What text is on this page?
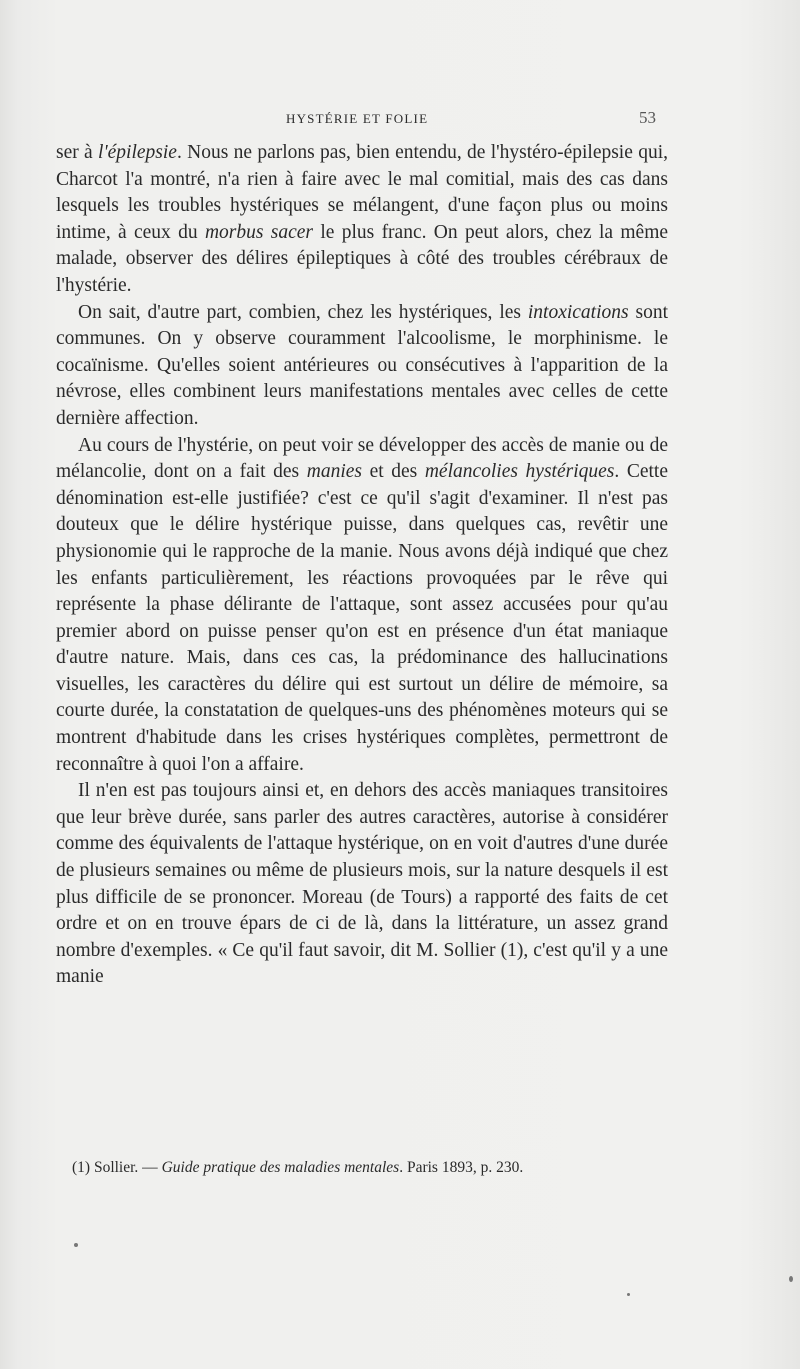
HYSTÉRIE ET FOLIE	53

ser à l'épilepsie. Nous ne parlons pas, bien entendu, de l'hystéro-épilepsie qui, Charcot l'a montré, n'a rien à faire avec le mal comitial, mais des cas dans lesquels les troubles hystériques se mélangent, d'une façon plus ou moins intime, à ceux du morbus sacer le plus franc. On peut alors, chez la même malade, observer des délires épileptiques à côté des troubles cérébraux de l'hystérie.

On sait, d'autre part, combien, chez les hystériques, les intoxications sont communes. On y observe couramment l'alcoolisme, le morphinisme. le cocaïnisme. Qu'elles soient antérieures ou consécutives à l'apparition de la névrose, elles combinent leurs manifestations mentales avec celles de cette dernière affection.

Au cours de l'hystérie, on peut voir se développer des accès de manie ou de mélancolie, dont on a fait des manies et des mélancolies hystériques. Cette dénomination est-elle justifiée? c'est ce qu'il s'agit d'examiner. Il n'est pas douteux que le délire hystérique puisse, dans quelques cas, revêtir une physionomie qui le rapproche de la manie. Nous avons déjà indiqué que chez les enfants particulièrement, les réactions provoquées par le rêve qui représente la phase délirante de l'attaque, sont assez accusées pour qu'au premier abord on puisse penser qu'on est en présence d'un état maniaque d'autre nature. Mais, dans ces cas, la prédominance des hallucinations visuelles, les caractères du délire qui est surtout un délire de mémoire, sa courte durée, la constatation de quelques-uns des phénomènes moteurs qui se montrent d'habitude dans les crises hystériques complètes, permettront de reconnaître à quoi l'on a affaire.

Il n'en est pas toujours ainsi et, en dehors des accès maniaques transitoires que leur brève durée, sans parler des autres caractères, autorise à considérer comme des équivalents de l'attaque hystérique, on en voit d'autres d'une durée de plusieurs semaines ou même de plusieurs mois, sur la nature desquels il est plus difficile de se prononcer. Moreau (de Tours) a rapporté des faits de cet ordre et on en trouve épars de ci de là, dans la littérature, un assez grand nombre d'exemples. « Ce qu'il faut savoir, dit M. Sollier (1), c'est qu'il y a une manie

(1) Sollier. — Guide pratique des maladies mentales. Paris 1893, p. 230.
